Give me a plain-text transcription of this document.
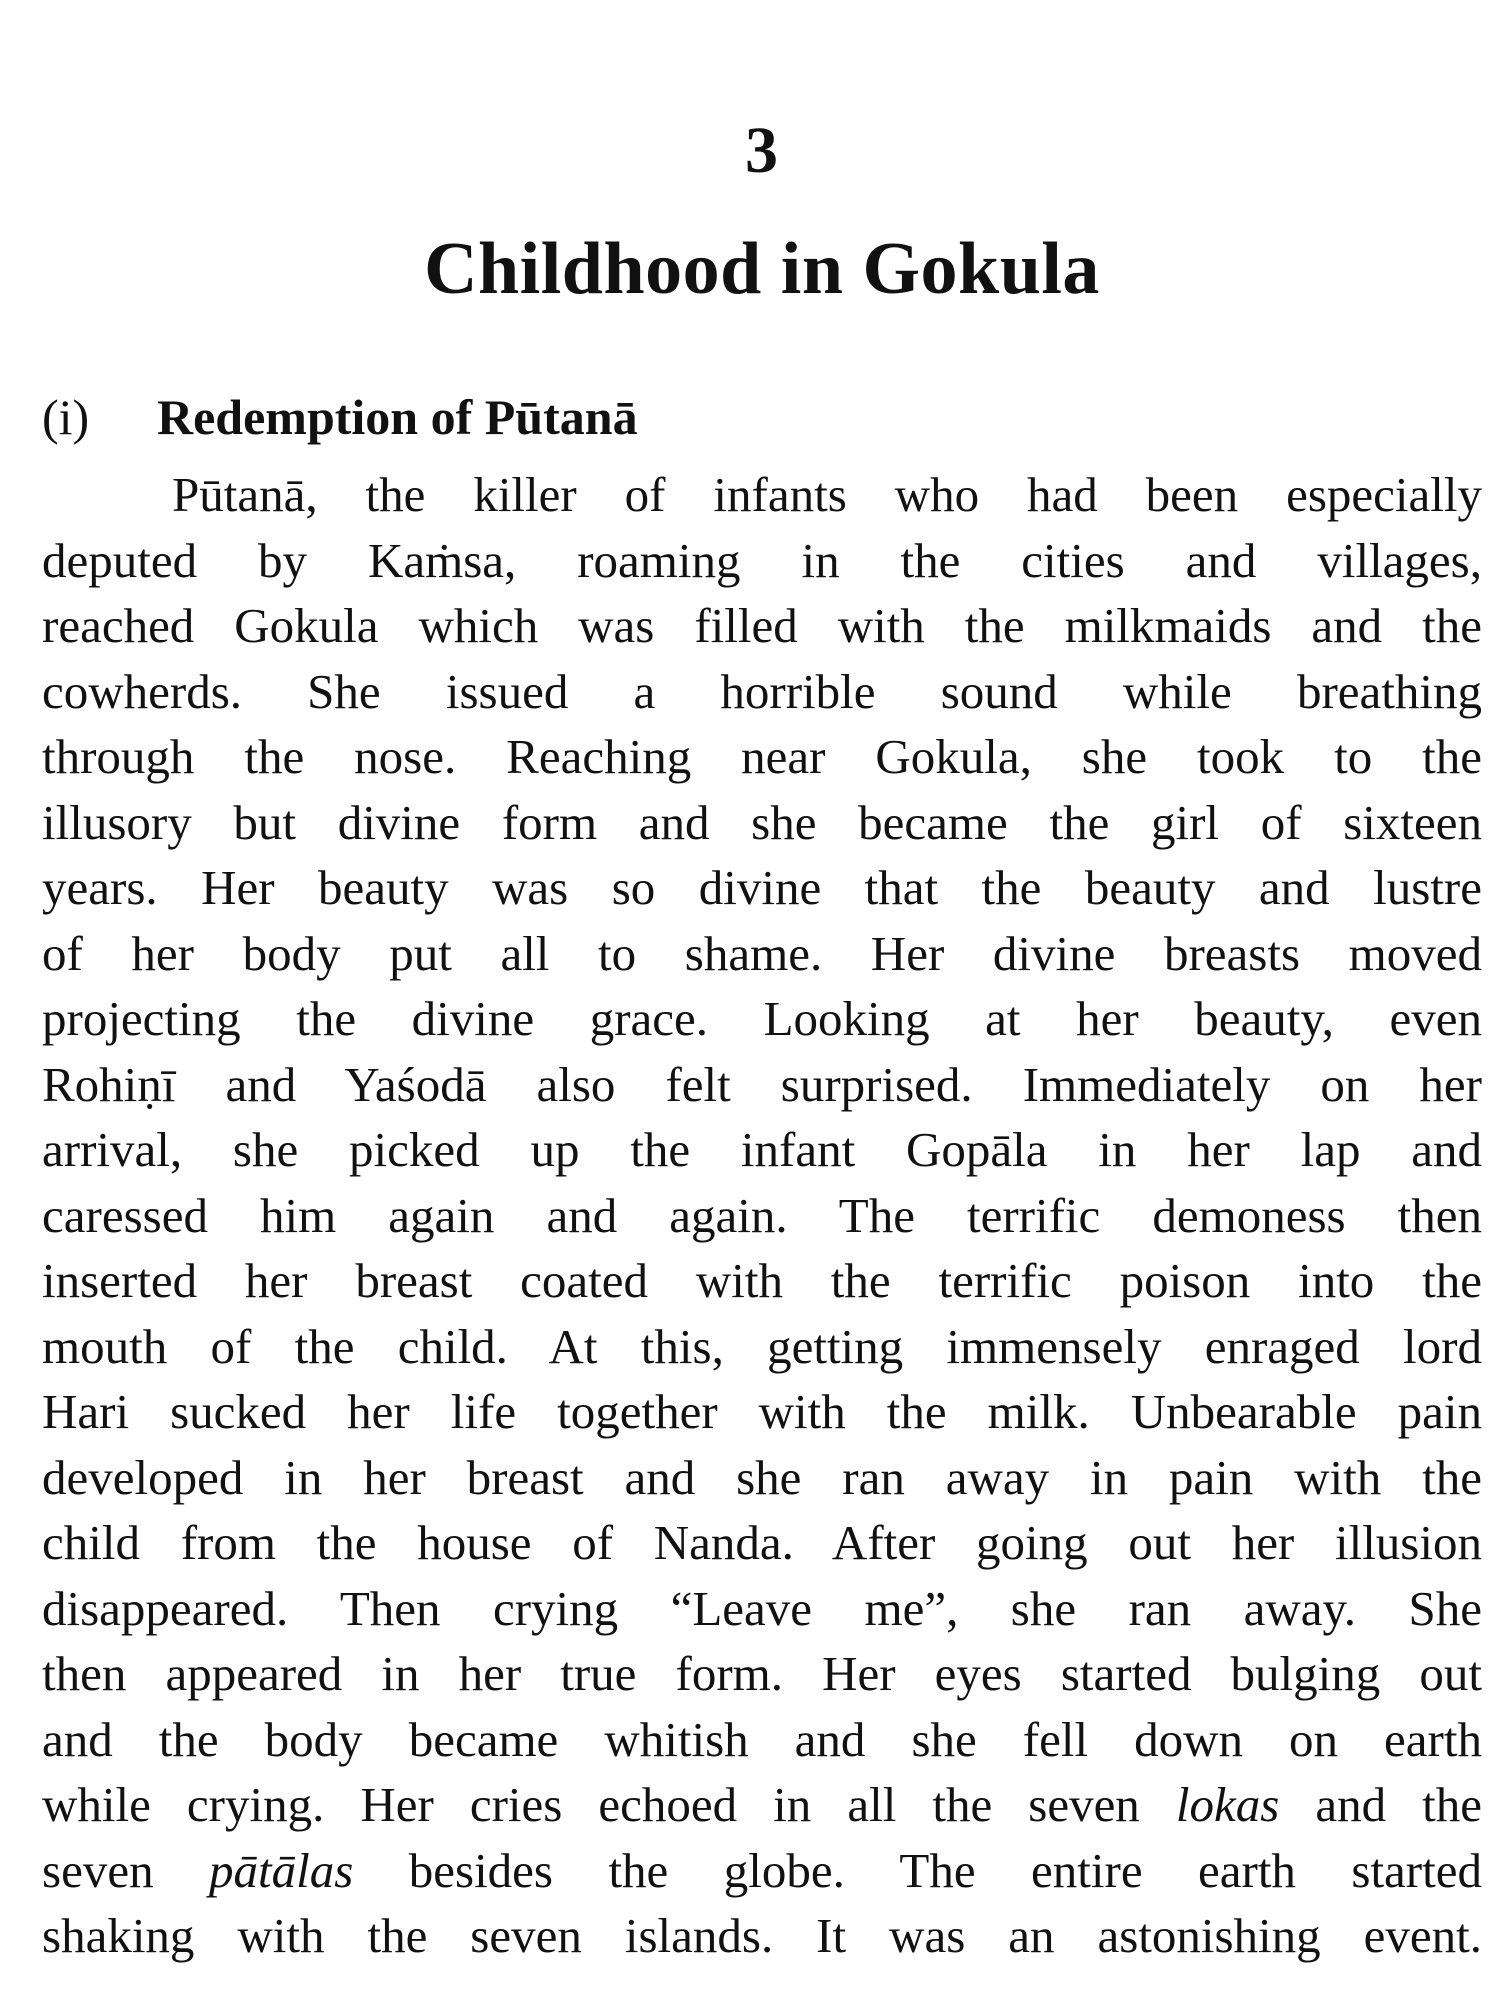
3
Childhood in Gokula
(i) Redemption of Pūtanā
Pūtanā, the killer of infants who had been especially
deputed by Kaṁsa, roaming in the cities and villages,
reached Gokula which was filled with the milkmaids and the
cowherds. She issued a horrible sound while breathing
through the nose. Reaching near Gokula, she took to the
illusory but divine form and she became the girl of sixteen
years. Her beauty was so divine that the beauty and lustre
of her body put all to shame. Her divine breasts moved
projecting the divine grace. Looking at her beauty, even
Rohiṇī and Yaśodā also felt surprised. Immediately on her
arrival, she picked up the infant Gopāla in her lap and
caressed him again and again. The terrific demoness then
inserted her breast coated with the terrific poison into the
mouth of the child. At this, getting immensely enraged lord
Hari sucked her life together with the milk. Unbearable pain
developed in her breast and she ran away in pain with the
child from the house of Nanda. After going out her illusion
disappeared. Then crying “Leave me”, she ran away. She
then appeared in her true form. Her eyes started bulging out
and the body became whitish and she fell down on earth
while crying. Her cries echoed in all the seven lokas and the
seven pātālas besides the globe. The entire earth started
shaking with the seven islands. It was an astonishing event.
